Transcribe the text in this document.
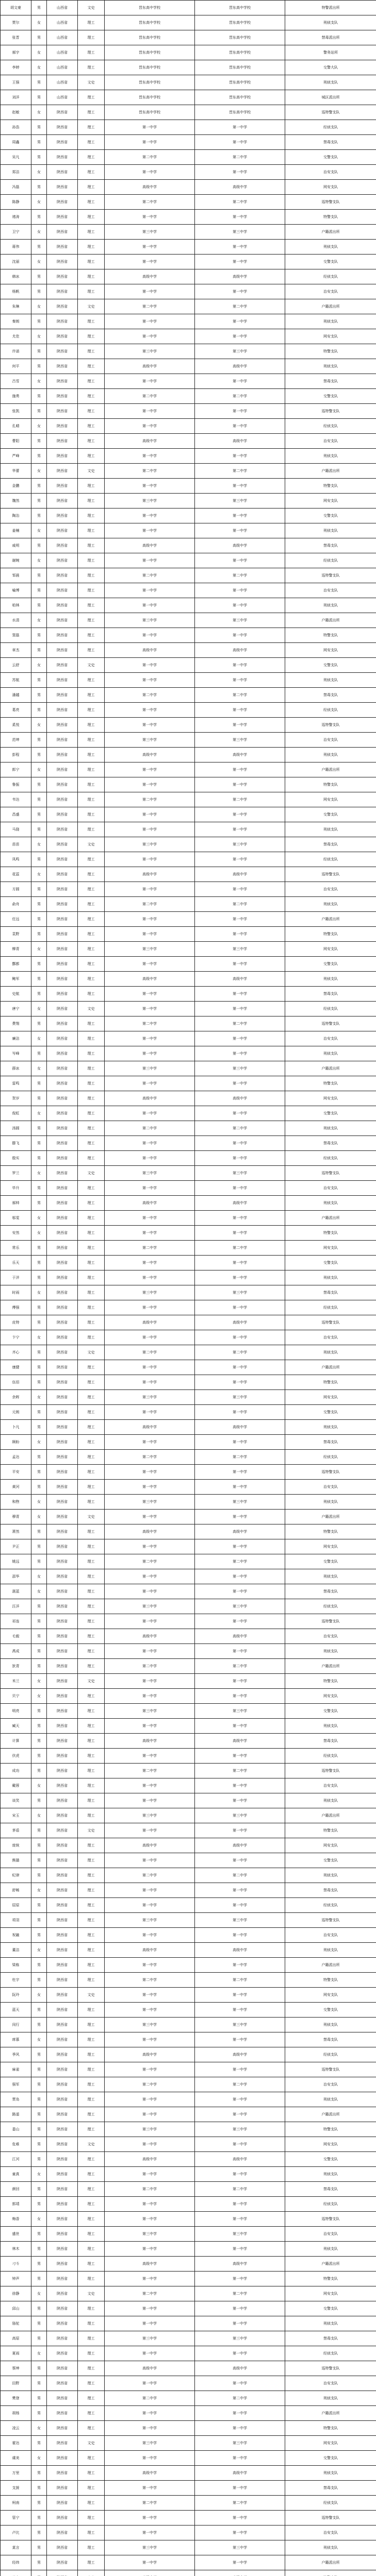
胡文豪	男	山西省	文史	晋东高中学校	晋东高中学校	特警派出所
贾尔	女	山西省	理工	晋东高中学校	晋东高中学校	刑侦支队
张晋	男	山西省	理工	晋东高中学校	晋东高中学校	禁毒派出所
郝宇	女	山西省	理工	晋东高中学校	晋东高中学校	警务站所
李婷	女	山西省	理工	晋东高中学校	晋东高中学校	交警大队
王强	男	山西省	文史	晋东高中学校	晋东高中学校	刑侦支队
刘洋	男	山西省	理工	晋东高中学校	晋东高中学校	城区派出所
赵敏	女	陕西省	理工	晋东高中学校	晋东高中学校	巡特警支队
孙浩	男	陕西省	理工	第一中学	第一中学	经侦支队
周鑫	男	陕西省	理工	第一中学	第一中学	禁毒支队
吴凡	男	陕西省	理工	第二中学	第二中学	交警支队
郑洁	女	陕西省	理工	第一中学	第一中学	治安支队
冯磊	男	陕西省	理工	高级中学	高级中学	网安支队
陈静	女	陕西省	理工	第二中学	第二中学	巡特警支队
褚涛	男	陕西省	理工	第一中学	第一中学	特警支队
卫宁	女	陕西省	理工	第三中学	第三中学	户籍派出所
蒋伟	男	陕西省	理工	第一中学	第一中学	刑侦支队
沈丽	女	陕西省	理工	第一中学	第一中学	交警支队
韩冰	男	陕西省	理工	高级中学	高级中学	经侦支队
杨帆	男	陕西省	理工	第一中学	第一中学	治安支队
朱琳	女	陕西省	文史	第二中学	第二中学	户籍派出所
秦朗	男	陕西省	理工	第一中学	第一中学	刑侦支队
尤佳	女	陕西省	理工	第一中学	第一中学	网安支队
许诺	男	陕西省	理工	第三中学	第三中学	特警支队
何平	男	陕西省	理工	高级中学	高级中学	刑侦支队
吕雪	女	陕西省	理工	第一中学	第一中学	禁毒支队
施勇	男	陕西省	理工	第二中学	第二中学	交警支队
张凯	男	陕西省	理工	第一中学	第一中学	巡特警支队
孔晴	女	陕西省	理工	第一中学	第一中学	经侦支队
曹阳	男	陕西省	理工	高级中学	高级中学	治安支队
严峰	男	陕西省	理工	第一中学	第一中学	刑侦支队
华蕾	女	陕西省	文史	第二中学	第二中学	户籍派出所
金鹏	男	陕西省	理工	第一中学	第一中学	特警支队
魏然	男	陕西省	理工	第三中学	第三中学	网安支队
陶冶	男	陕西省	理工	第一中学	第一中学	交警支队
姜楠	女	陕西省	理工	第一中学	第一中学	刑侦支队
戚明	男	陕西省	理工	高级中学	高级中学	禁毒支队
谢婉	女	陕西省	理工	第一中学	第一中学	经侦支队
邹晨	男	陕西省	理工	第二中学	第二中学	巡特警支队
喻博	男	陕西省	理工	第一中学	第一中学	治安支队
柏林	男	陕西省	理工	第一中学	第一中学	刑侦支队
水清	女	陕西省	理工	第三中学	第三中学	户籍派出所
窦磊	男	陕西省	理工	第一中学	第一中学	特警支队
章杰	男	陕西省	理工	高级中学	高级中学	网安支队
云舒	女	陕西省	文史	第一中学	第一中学	交警支队
苏航	男	陕西省	理工	第一中学	第一中学	刑侦支队
潘越	男	陕西省	理工	第二中学	第二中学	禁毒支队
葛亮	男	陕西省	理工	第一中学	第一中学	经侦支队
奚悦	女	陕西省	理工	第一中学	第一中学	巡特警支队
范坤	男	陕西省	理工	第三中学	第三中学	治安支队
彭程	男	陕西省	理工	高级中学	高级中学	刑侦支队
郎宁	女	陕西省	理工	第一中学	第一中学	户籍派出所
鲁振	男	陕西省	理工	第一中学	第一中学	特警支队
韦达	男	陕西省	理工	第二中学	第二中学	网安支队
昌盛	男	陕西省	理工	第一中学	第一中学	交警支队
马骁	男	陕西省	理工	第一中学	第一中学	刑侦支队
苗苗	女	陕西省	文史	第三中学	第三中学	禁毒支队
凤鸣	男	陕西省	理工	第一中学	第一中学	经侦支队
花蕊	女	陕西省	理工	高级中学	高级中学	巡特警支队
方圆	男	陕西省	理工	第一中学	第一中学	治安支队
俞舟	男	陕西省	理工	第二中学	第二中学	刑侦支队
任远	男	陕西省	理工	第一中学	第一中学	户籍派出所
袁野	男	陕西省	理工	第一中学	第一中学	特警支队
柳青	女	陕西省	理工	第三中学	第三中学	网安支队
酆都	男	陕西省	理工	第一中学	第一中学	交警支队
鲍军	男	陕西省	理工	高级中学	高级中学	刑侦支队
史航	男	陕西省	理工	第一中学	第一中学	禁毒支队
唐宁	女	陕西省	文史	第一中学	第一中学	经侦支队
费翔	男	陕西省	理工	第二中学	第二中学	巡特警支队
廉洁	女	陕西省	理工	第一中学	第一中学	治安支队
岑峰	男	陕西省	理工	第一中学	第一中学	刑侦支队
薛冰	女	陕西省	理工	第三中学	第三中学	户籍派出所
雷鸣	男	陕西省	理工	第一中学	第一中学	特警支队
贺岁	男	陕西省	理工	高级中学	高级中学	网安支队
倪虹	女	陕西省	理工	第一中学	第一中学	交警支队
汤圆	男	陕西省	理工	第二中学	第二中学	刑侦支队
滕飞	男	陕西省	理工	第一中学	第一中学	禁毒支队
殷实	男	陕西省	理工	第一中学	第一中学	经侦支队
罗兰	女	陕西省	文史	第三中学	第三中学	巡特警支队
毕升	男	陕西省	理工	第一中学	第一中学	治安支队
郝帅	男	陕西省	理工	高级中学	高级中学	刑侦支队
邬雯	女	陕西省	理工	第一中学	第一中学	户籍派出所
安然	女	陕西省	理工	第一中学	第一中学	特警支队
常乐	男	陕西省	理工	第二中学	第二中学	网安支队
乐天	男	陕西省	理工	第一中学	第一中学	交警支队
于洋	男	陕西省	理工	第一中学	第一中学	刑侦支队
时雨	女	陕西省	理工	第三中学	第三中学	禁毒支队
傅强	男	陕西省	理工	第一中学	第一中学	经侦支队
皮特	男	陕西省	理工	高级中学	高级中学	巡特警支队
卞宁	女	陕西省	理工	第一中学	第一中学	治安支队
齐心	男	陕西省	文史	第二中学	第二中学	刑侦支队
康健	男	陕西省	理工	第一中学	第一中学	户籍派出所
伍佰	男	陕西省	理工	第一中学	第一中学	特警支队
余晖	女	陕西省	理工	第三中学	第三中学	网安支队
元朗	男	陕西省	理工	第一中学	第一中学	交警支队
卜凡	男	陕西省	理工	高级中学	高级中学	刑侦支队
顾盼	女	陕西省	理工	第一中学	第一中学	禁毒支队
孟达	男	陕西省	理工	第二中学	第二中学	经侦支队
平安	男	陕西省	理工	第一中学	第一中学	巡特警支队
黄河	男	陕西省	理工	第一中学	第一中学	治安支队
和煦	女	陕西省	理工	第三中学	第三中学	刑侦支队
穆青	女	陕西省	文史	第一中学	第一中学	户籍派出所
萧然	男	陕西省	理工	高级中学	高级中学	特警支队
尹正	男	陕西省	理工	第一中学	第一中学	网安支队
姚远	男	陕西省	理工	第二中学	第二中学	交警支队
邵华	女	陕西省	理工	第一中学	第一中学	刑侦支队
湛蓝	女	陕西省	理工	第一中学	第一中学	禁毒支队
汪洋	男	陕西省	理工	第三中学	第三中学	经侦支队
祁连	男	陕西省	理工	第一中学	第一中学	巡特警支队
毛毅	男	陕西省	理工	高级中学	高级中学	治安支队
禹成	男	陕西省	理工	第一中学	第一中学	刑侦支队
狄青	男	陕西省	理工	第二中学	第二中学	户籍派出所
米兰	女	陕西省	文史	第一中学	第一中学	特警支队
贝宁	女	陕西省	理工	第一中学	第一中学	网安支队
明亮	男	陕西省	理工	第三中学	第三中学	交警支队
臧天	男	陕西省	理工	第一中学	第一中学	刑侦支队
计算	男	陕西省	理工	高级中学	高级中学	禁毒支队
伏虎	男	陕西省	理工	第一中学	第一中学	经侦支队
成功	男	陕西省	理工	第二中学	第二中学	巡特警支队
戴蓉	女	陕西省	理工	第一中学	第一中学	治安支队
谈笑	男	陕西省	理工	第一中学	第一中学	刑侦支队
宋玉	女	陕西省	理工	第三中学	第三中学	户籍派出所
茅盾	男	陕西省	文史	第一中学	第一中学	特警支队
庞统	男	陕西省	理工	高级中学	高级中学	网安支队
熊猫	男	陕西省	理工	第一中学	第一中学	交警支队
纪律	男	陕西省	理工	第二中学	第二中学	刑侦支队
舒畅	女	陕西省	理工	第一中学	第一中学	禁毒支队
屈原	男	陕西省	理工	第一中学	第一中学	经侦支队
项羽	男	陕西省	理工	第三中学	第三中学	巡特警支队
祝融	男	陕西省	理工	第一中学	第一中学	治安支队
董洁	女	陕西省	理工	高级中学	高级中学	刑侦支队
梁栋	男	陕西省	理工	第一中学	第一中学	户籍派出所
杜宇	男	陕西省	理工	第二中学	第二中学	特警支队
阮玲	女	陕西省	文史	第一中学	第一中学	网安支队
蓝天	男	陕西省	理工	第一中学	第一中学	交警支队
闵行	男	陕西省	理工	第三中学	第三中学	刑侦支队
席慕	女	陕西省	理工	第一中学	第一中学	禁毒支队
季风	男	陕西省	理工	高级中学	高级中学	经侦支队
麻雀	男	陕西省	理工	第一中学	第一中学	巡特警支队
强军	男	陕西省	理工	第二中学	第二中学	治安支队
贾岛	男	陕西省	理工	第一中学	第一中学	刑侦支队
路遥	男	陕西省	理工	第一中学	第一中学	户籍派出所
娄山	男	陕西省	理工	第三中学	第三中学	特警支队
危难	男	陕西省	文史	第一中学	第一中学	网安支队
江河	男	陕西省	理工	高级中学	高级中学	交警支队
童真	女	陕西省	理工	第一中学	第一中学	刑侦支队
颜回	男	陕西省	理工	第二中学	第二中学	禁毒支队
郭靖	男	陕西省	理工	第一中学	第一中学	经侦支队
梅香	女	陕西省	理工	第一中学	第一中学	巡特警支队
盛世	男	陕西省	理工	第三中学	第三中学	治安支队
林木	男	陕西省	理工	第一中学	第一中学	刑侦支队
刁斗	男	陕西省	理工	高级中学	高级中学	户籍派出所
钟声	男	陕西省	理工	第一中学	第一中学	特警支队
徐静	女	陕西省	文史	第二中学	第二中学	网安支队
邱山	男	陕西省	理工	第一中学	第一中学	交警支队
骆驼	男	陕西省	理工	第一中学	第一中学	刑侦支队
高原	男	陕西省	理工	第三中学	第三中学	禁毒支队
夏雨	女	陕西省	理工	第一中学	第一中学	经侦支队
蔡坤	男	陕西省	理工	高级中学	高级中学	巡特警支队
田野	男	陕西省	理工	第一中学	第一中学	治安支队
樊登	男	陕西省	理工	第二中学	第二中学	刑侦支队
胡杨	男	陕西省	理工	第一中学	第一中学	户籍派出所
凌云	女	陕西省	理工	第一中学	第一中学	特警支队
霍达	男	陕西省	文史	第三中学	第三中学	网安支队
虞美	女	陕西省	理工	第一中学	第一中学	交警支队
万里	男	陕西省	理工	高级中学	高级中学	刑侦支队
支援	男	陕西省	理工	第一中学	第一中学	禁毒支队
柯南	男	陕西省	理工	第二中学	第二中学	经侦支队
管宁	男	陕西省	理工	第一中学	第一中学	巡特警支队
卢比	男	陕西省	理工	第一中学	第一中学	治安支队
莫言	男	陕西省	理工	第三中学	第三中学	刑侦支队
经纬	男	陕西省	理工	第一中学	第一中学	户籍派出所
